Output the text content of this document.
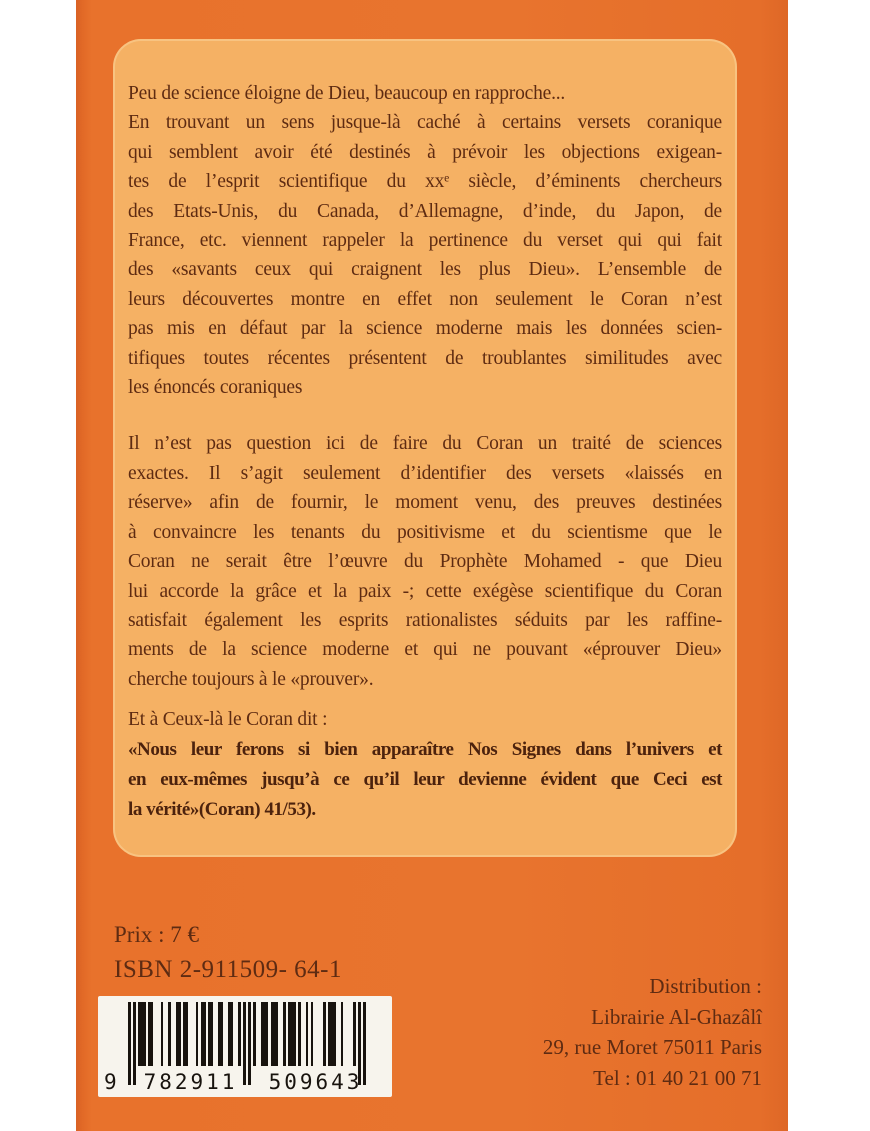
Peu de science éloigne de Dieu, beaucoup en rapproche...
En trouvant un sens jusque-là caché à certains versets coranique
qui semblent avoir été destinés à prévoir les objections exigean-
tes de l’esprit scientifique du xxᵉ siècle, d’éminents chercheurs
des Etats-Unis, du Canada, d’Allemagne, d’inde, du Japon, de
France, etc. viennent rappeler la pertinence du verset qui qui fait
des «savants ceux qui craignent les plus Dieu». L’ensemble de
leurs découvertes montre en effet non seulement le Coran n’est
pas mis en défaut par la science moderne mais les données scien-
tifiques toutes récentes présentent de troublantes similitudes avec
les énoncés coraniques
Il n’est pas question ici de faire du Coran un traité de sciences
exactes. Il s’agit seulement d’identifier des versets «laissés en
réserve» afin de fournir, le moment venu, des preuves destinées
à convaincre les tenants du positivisme et du scientisme que le
Coran ne serait être l’œuvre du Prophète Mohamed - que Dieu
lui accorde la grâce et la paix -; cette exégèse scientifique du Coran
satisfait également les esprits rationalistes séduits par les raffine-
ments de la science moderne et qui ne pouvant «éprouver Dieu»
cherche toujours à le «prouver».
Et à Ceux-là le Coran dit :
«Nous leur ferons si bien apparaître Nos Signes dans l’univers et
en eux-mêmes jusqu’à ce qu’il leur devienne évident que Ceci est
la vérité»(Coran) 41/53).
Prix : 7 €
ISBN 2-911509- 64-1
9	782911	509643
Distribution :
Librairie Al-Ghazâlî
29, rue Moret 75011 Paris
Tel : 01 40 21 00 71
